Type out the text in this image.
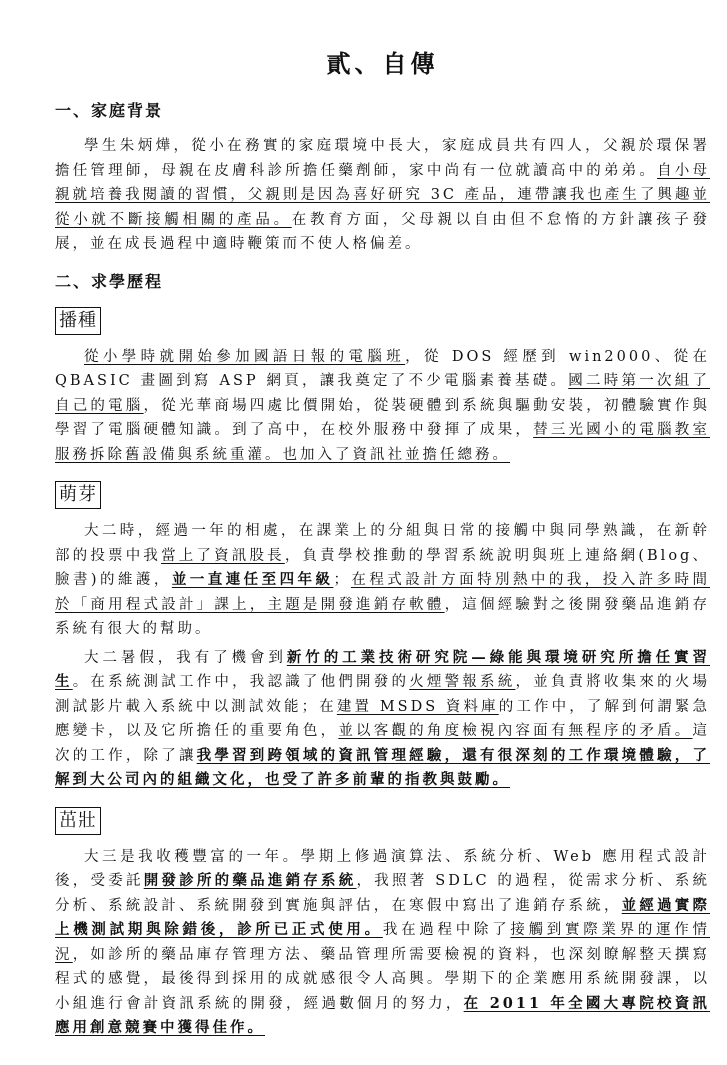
貳、自傳
一、家庭背景
學生朱炳燁，從小在務實的家庭環境中長大，家庭成員共有四人，父親於環保署擔任管理師，母親在皮膚科診所擔任藥劑師，家中尚有一位就讀高中的弟弟。自小母親就培養我閱讀的習慣，父親則是因為喜好研究 3C 產品，連帶讓我也產生了興趣並從小就不斷接觸相關的產品。在教育方面，父母親以自由但不怠惰的方針讓孩子發展，並在成長過程中適時鞭策而不使人格偏差。
二、求學歷程
播種
從小學時就開始參加國語日報的電腦班，從 DOS 經歷到 win2000、從在 QBASIC 畫圖到寫 ASP 網頁，讓我奠定了不少電腦素養基礎。國二時第一次組了自己的電腦，從光華商場四處比價開始，從裝硬體到系統與驅動安裝，初體驗實作與學習了電腦硬體知識。到了高中，在校外服務中發揮了成果，替三光國小的電腦教室服務拆除舊設備與系統重灌。也加入了資訊社並擔任總務。
萌芽
大二時，經過一年的相處，在課業上的分組與日常的接觸中與同學熟識，在新幹部的投票中我當上了資訊股長，負責學校推動的學習系統說明與班上連絡網(Blog、臉書)的維護，並一直連任至四年級；在程式設計方面特別熱中的我，投入許多時間於「商用程式設計」課上，主題是開發進銷存軟體，這個經驗對之後開發藥品進銷存系統有很大的幫助。
大二暑假，我有了機會到新竹的工業技術研究院—綠能與環境研究所擔任實習生。在系統測試工作中，我認識了他們開發的火煙警報系統，並負責將收集來的火場測試影片載入系統中以測試效能；在建置 MSDS 資料庫的工作中，了解到何謂緊急應變卡，以及它所擔任的重要角色，並以客觀的角度檢視內容面有無程序的矛盾。這次的工作，除了讓我學習到跨領域的資訊管理經驗，還有很深刻的工作環境體驗，了解到大公司內的組織文化，也受了許多前輩的指教與鼓勵。
茁壯
大三是我收穫豐富的一年。學期上修過演算法、系統分析、Web 應用程式設計後，受委託開發診所的藥品進銷存系統，我照著 SDLC 的過程，從需求分析、系統分析、系統設計、系統開發到實施與評估，在寒假中寫出了進銷存系統，並經過實際上機測試期與除錯後，診所已正式使用。我在過程中除了接觸到實際業界的運作情況，如診所的藥品庫存管理方法、藥品管理所需要檢視的資料，也深刻瞭解整天撰寫程式的感覺，最後得到採用的成就感很令人高興。學期下的企業應用系統開發課，以小組進行會計資訊系統的開發，經過數個月的努力，在 2011 年全國大專院校資訊應用創意競賽中獲得佳作。
